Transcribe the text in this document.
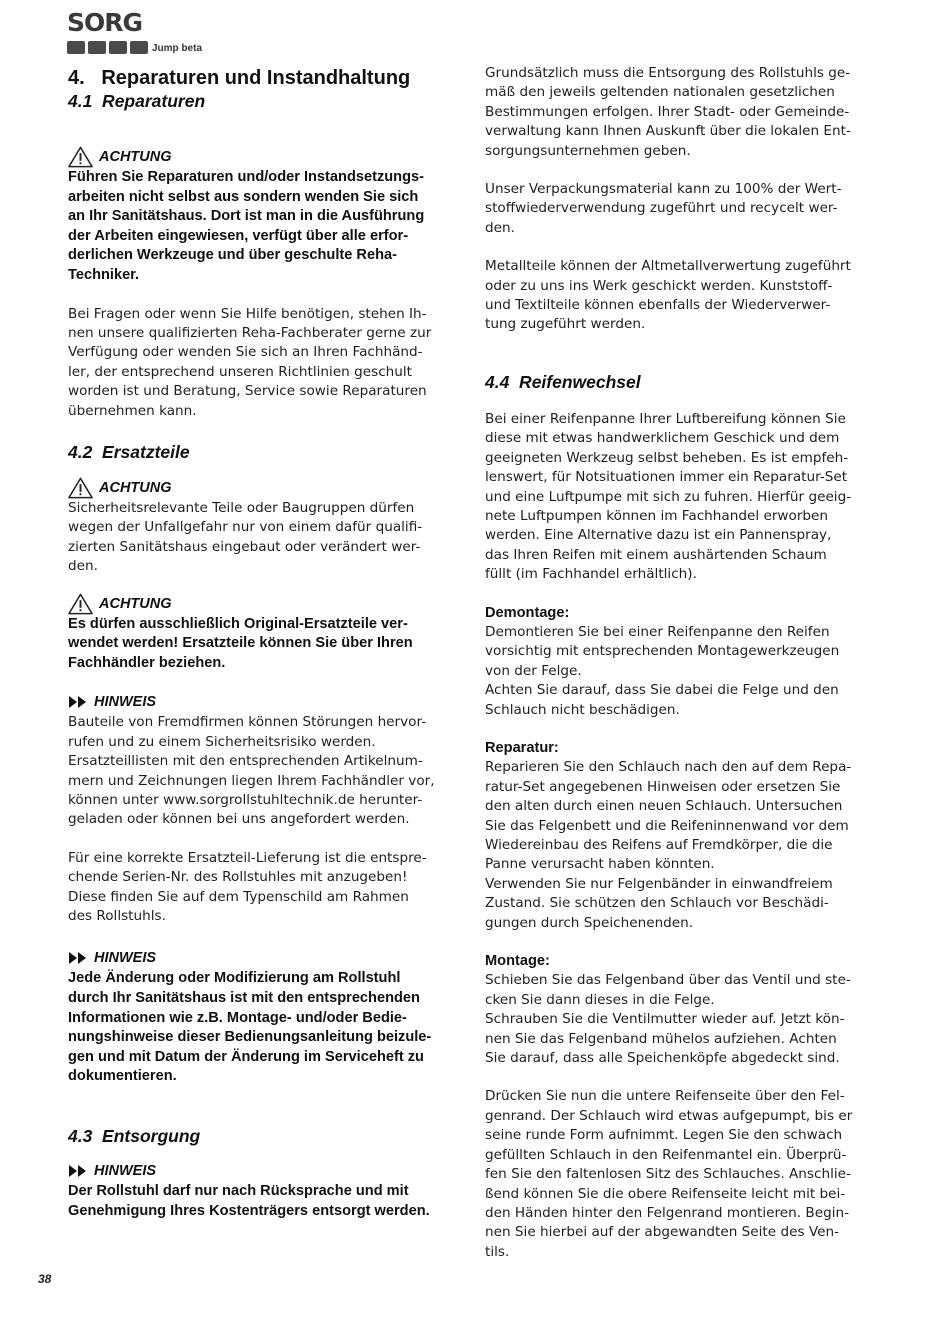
SORG
Jump beta
4.   Reparaturen und Instandhaltung
4.1  Reparaturen
ACHTUNG
Führen Sie Reparaturen und/oder Instandsetzungs-
arbeiten nicht selbst aus sondern wenden Sie sich
an Ihr Sanitätshaus. Dort ist man in die Ausführung
der Arbeiten eingewiesen, verfügt über alle erfor-
derlichen Werkzeuge und über geschulte Reha-
Techniker.
Bei Fragen oder wenn Sie Hilfe benötigen, stehen Ih-
nen unsere qualifizierten Reha-Fachberater gerne zur
Verfügung oder wenden Sie sich an Ihren Fachhänd-
ler, der entsprechend unseren Richtlinien geschult
worden ist und Beratung, Service sowie Reparaturen
übernehmen kann.
4.2  Ersatzteile
ACHTUNG
Sicherheitsrelevante Teile oder Baugruppen dürfen
wegen der Unfallgefahr nur von einem dafür qualifi-
zierten Sanitätshaus eingebaut oder verändert wer-
den.
ACHTUNG
Es dürfen ausschließlich Original-Ersatzteile ver-
wendet werden! Ersatzteile können Sie über Ihren
Fachhändler beziehen.
HINWEIS
Bauteile von Fremdfirmen können Störungen hervor-
rufen und zu einem Sicherheitsrisiko werden.
Ersatzteillisten mit den entsprechenden Artikelnum-
mern und Zeichnungen liegen Ihrem Fachhändler vor,
können unter www.sorgrollstuhltechnik.de herunter-
geladen oder können bei uns angefordert werden.
Für eine korrekte Ersatzteil-Lieferung ist die entspre-
chende Serien-Nr. des Rollstuhles mit anzugeben!
Diese finden Sie auf dem Typenschild am Rahmen
des Rollstuhls.
HINWEIS
Jede Änderung oder Modifizierung am Rollstuhl
durch Ihr Sanitätshaus ist mit den entsprechenden
Informationen wie z.B. Montage- und/oder Bedie-
nungshinweise dieser Bedienungsanleitung beizule-
gen und mit Datum der Änderung im Serviceheft zu
dokumentieren.
4.3  Entsorgung
HINWEIS
Der Rollstuhl darf nur nach Rücksprache und mit
Genehmigung Ihres Kostenträgers entsorgt werden.
Grundsätzlich muss die Entsorgung des Rollstuhls ge-
mäß den jeweils geltenden nationalen gesetzlichen
Bestimmungen erfolgen. Ihrer Stadt- oder Gemeinde-
verwaltung kann Ihnen Auskunft über die lokalen Ent-
sorgungsunternehmen geben.
Unser Verpackungsmaterial kann zu 100% der Wert-
stoffwiederverwendung zugeführt und recycelt wer-
den.
Metallteile können der Altmetallverwertung zugeführt
oder zu uns ins Werk geschickt werden. Kunststoff-
und Textilteile können ebenfalls der Wiederverwer-
tung zugeführt werden.
4.4  Reifenwechsel
Bei einer Reifenpanne Ihrer Luftbereifung können Sie
diese mit etwas handwerklichem Geschick und dem
geeigneten Werkzeug selbst beheben. Es ist empfeh-
lenswert, für Notsituationen immer ein Reparatur-Set
und eine Luftpumpe mit sich zu fuhren. Hierfür geeig-
nete Luftpumpen können im Fachhandel erworben
werden. Eine Alternative dazu ist ein Pannenspray,
das Ihren Reifen mit einem aushärtenden Schaum
füllt (im Fachhandel erhältlich).
Demontage:
Demontieren Sie bei einer Reifenpanne den Reifen
vorsichtig mit entsprechenden Montagewerkzeugen
von der Felge.
Achten Sie darauf, dass Sie dabei die Felge und den
Schlauch nicht beschädigen.
Reparatur:
Reparieren Sie den Schlauch nach den auf dem Repa-
ratur-Set angegebenen Hinweisen oder ersetzen Sie
den alten durch einen neuen Schlauch. Untersuchen
Sie das Felgenbett und die Reifeninnenwand vor dem
Wiedereinbau des Reifens auf Fremdkörper, die die
Panne verursacht haben könnten.
Verwenden Sie nur Felgenbänder in einwandfreiem
Zustand. Sie schützen den Schlauch vor Beschädi-
gungen durch Speichenenden.
Montage:
Schieben Sie das Felgenband über das Ventil und ste-
cken Sie dann dieses in die Felge.
Schrauben Sie die Ventilmutter wieder auf. Jetzt kön-
nen Sie das Felgenband mühelos aufziehen. Achten
Sie darauf, dass alle Speichenköpfe abgedeckt sind.
Drücken Sie nun die untere Reifenseite über den Fel-
genrand. Der Schlauch wird etwas aufgepumpt, bis er
seine runde Form aufnimmt. Legen Sie den schwach
gefüllten Schlauch in den Reifenmantel ein. Überprü-
fen Sie den faltenlosen Sitz des Schlauches. Anschlie-
ßend können Sie die obere Reifenseite leicht mit bei-
den Händen hinter den Felgenrand montieren. Begin-
nen Sie hierbei auf der abgewandten Seite des Ven-
tils.
38
